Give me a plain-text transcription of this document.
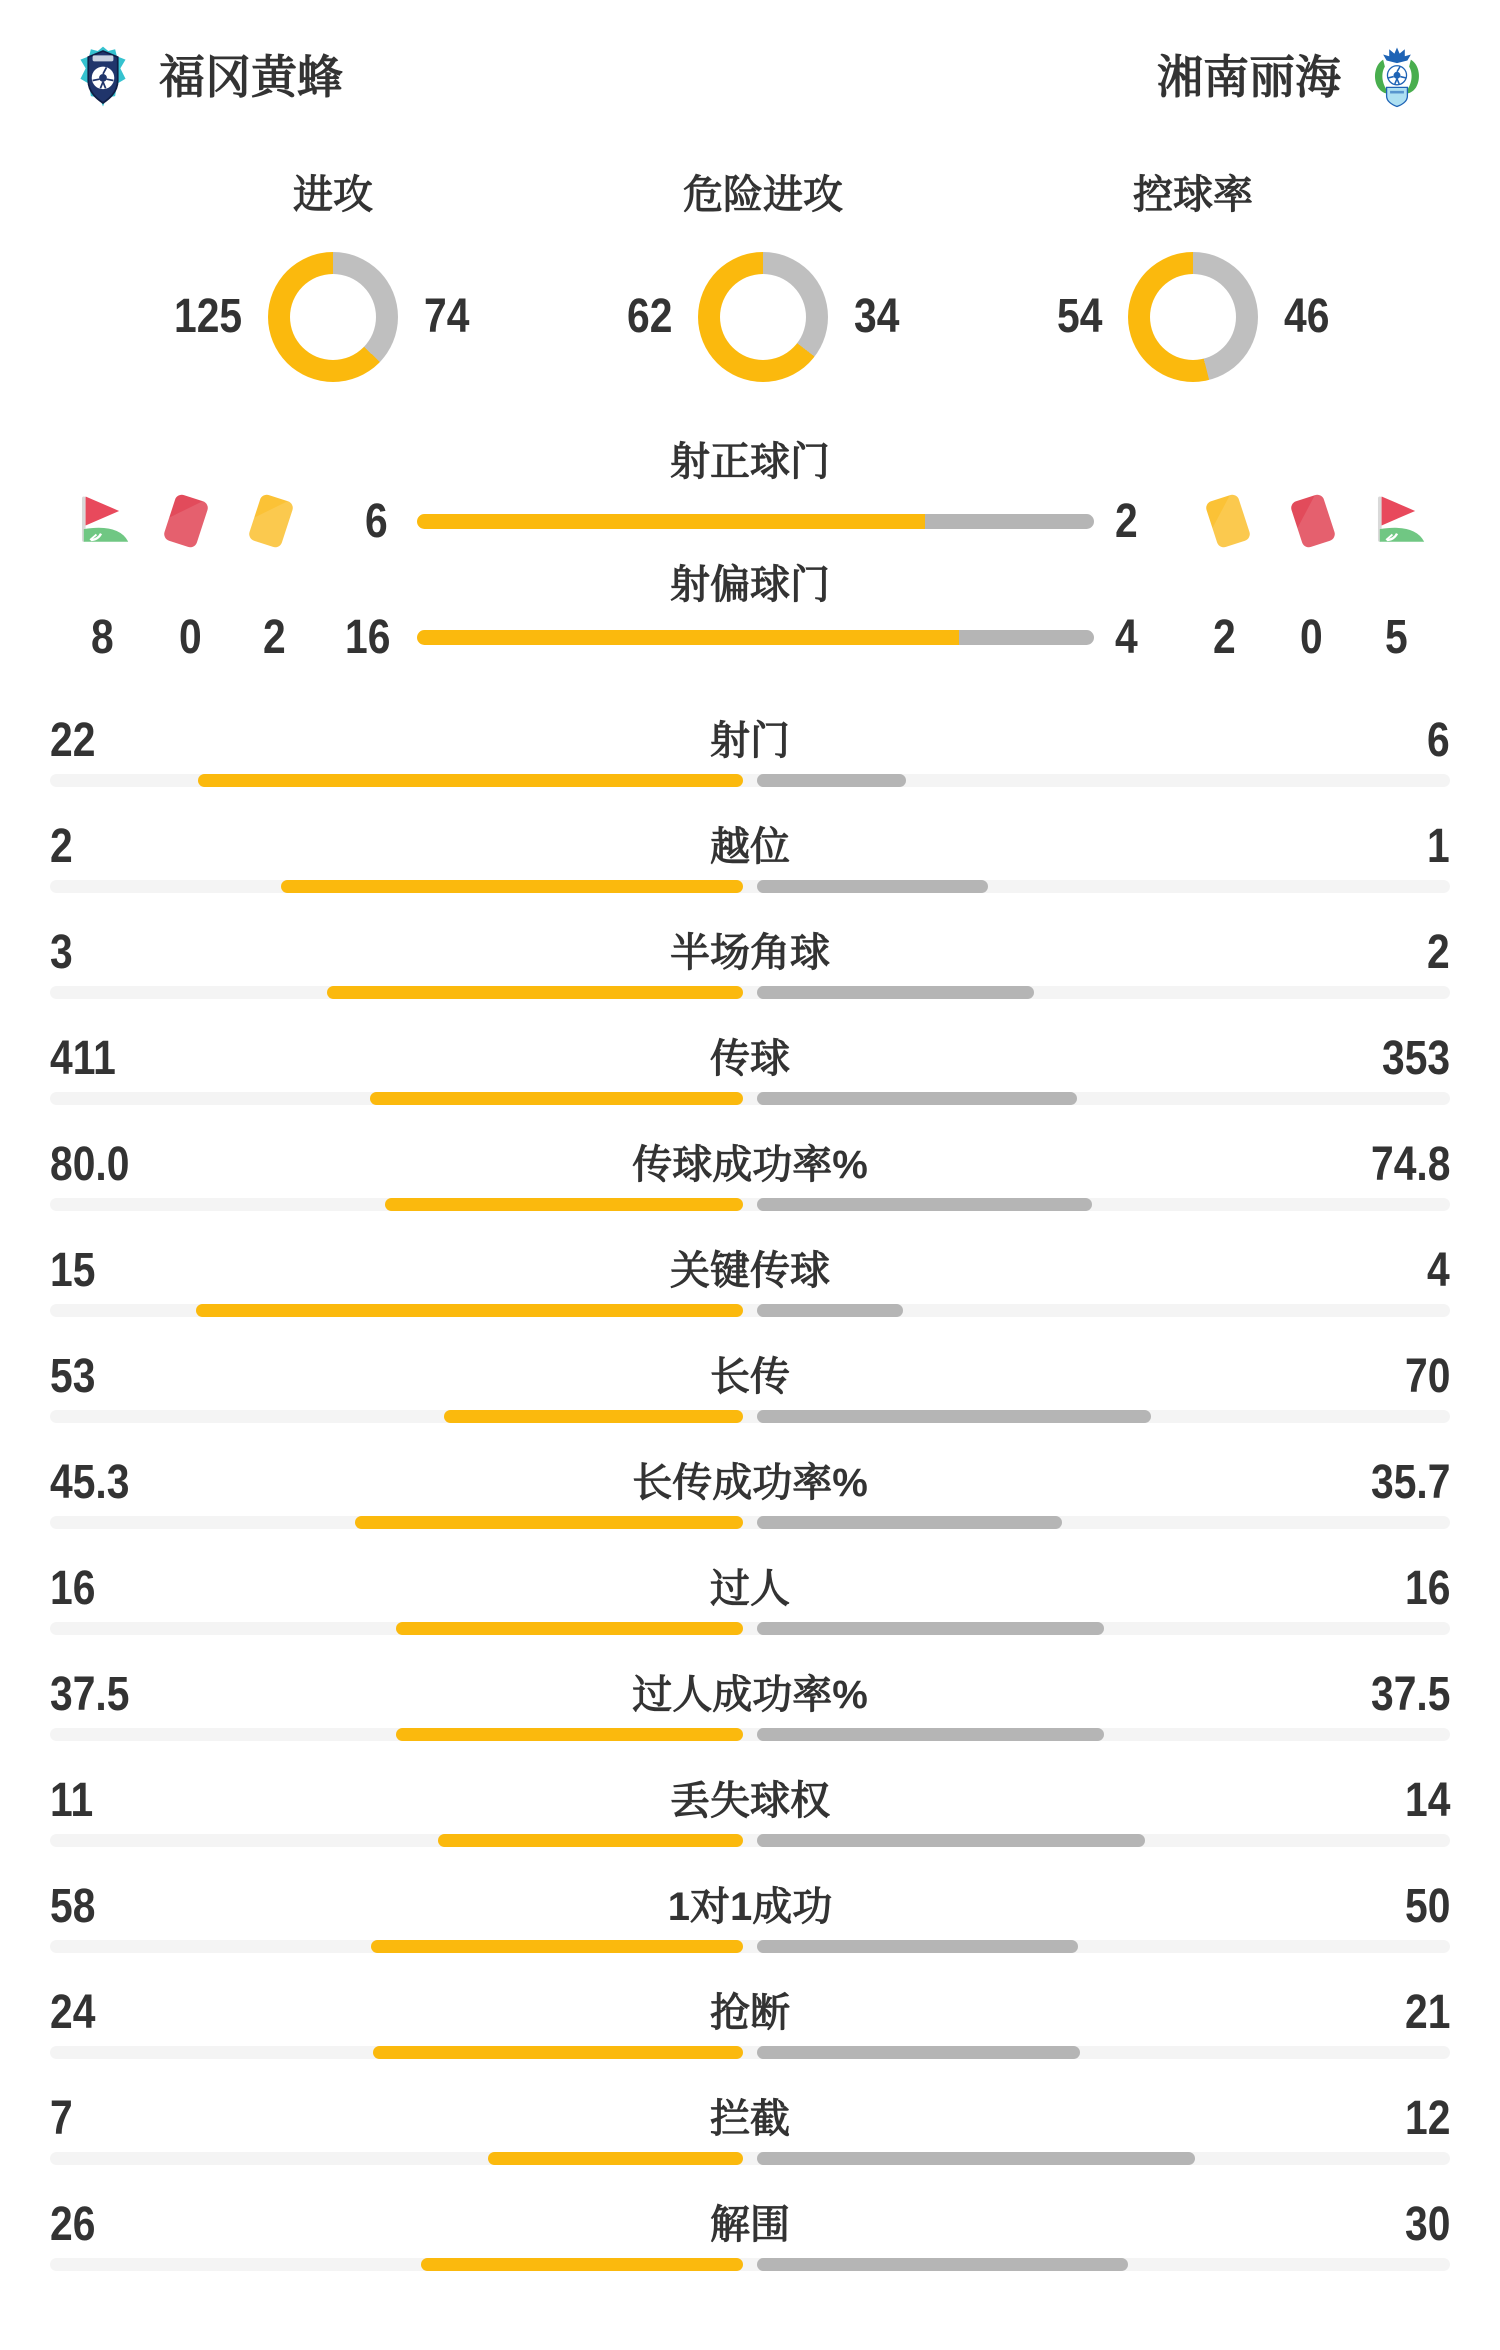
福冈黄蜂	湘南丽海
进攻
125	74
危险进攻
62	34
控球率
54	46
射正球门
6	2
射偏球门
8	0	2	16	4	2	0	5
射门
22	6
越位
2	1
半场角球
3	2
传球
411	353
传球成功率%
80.0	74.8
关键传球
15	4
长传
53	70
长传成功率%
45.3	35.7
过人
16	16
过人成功率%
37.5	37.5
丢失球权
11	14
1对1成功
58	50
抢断
24	21
拦截
7	12
解围
26	30
